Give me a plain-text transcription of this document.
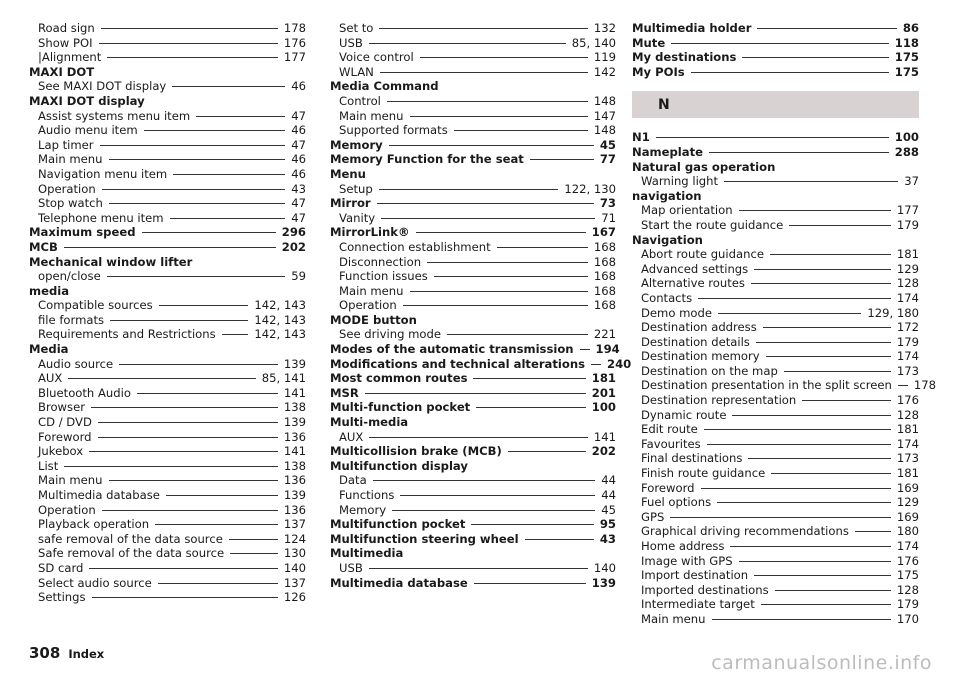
Road sign	178
Show POI	176
|Alignment	177
MAXI DOT
See MAXI DOT display	46
MAXI DOT display
Assist systems menu item	47
Audio menu item	46
Lap timer	47
Main menu	46
Navigation menu item	46
Operation	43
Stop watch	47
Telephone menu item	47
Maximum speed	296
MCB	202
Mechanical window lifter
open/close	59
media
Compatible sources	142, 143
file formats	142, 143
Requirements and Restrictions	142, 143
Media
Audio source	139
AUX	85, 141
Bluetooth Audio	141
Browser	138
CD / DVD	139
Foreword	136
Jukebox	141
List	138
Main menu	136
Multimedia database	139
Operation	136
Playback operation	137
safe removal of the data source	124
Safe removal of the data source	130
SD card	140
Select audio source	137
Settings	126
Set to	132
USB	85, 140
Voice control	119
WLAN	142
Media Command
Control	148
Main menu	147
Supported formats	148
Memory	45
Memory Function for the seat	77
Menu
Setup	122, 130
Mirror	73
Vanity	71
MirrorLink®	167
Connection establishment	168
Disconnection	168
Function issues	168
Main menu	168
Operation	168
MODE button
See driving mode	221
Modes of the automatic transmission 194
Modifications and technical alterations 240
Most common routes	181
MSR	201
Multi-function pocket	100
Multi-media
AUX	141
Multicollision brake (MCB)	202
Multifunction display
Data	44
Functions	44
Memory	45
Multifunction pocket	95
Multifunction steering wheel	43
Multimedia
USB	140
Multimedia database	139
Multimedia holder	86
Mute	118
My destinations	175
My POIs	175
N
N1	100
Nameplate	288
Natural gas operation
Warning light	37
navigation
Map orientation	177
Start the route guidance	179
Navigation
Abort route guidance	181
Advanced settings	129
Alternative routes	128
Contacts	174
Demo mode	129, 180
Destination address	172
Destination details	179
Destination memory	174
Destination on the map	173
Destination presentation in the split screen 178
Destination representation	176
Dynamic route	128
Edit route	181
Favourites	174
Final destinations	173
Finish route guidance	181
Foreword	169
Fuel options	129
GPS	169
Graphical driving recommendations	180
Home address	174
Image with GPS	176
Import destination	175
Imported destinations	128
Intermediate target	179
Main menu	170
308 Index	carmanualsonline.info
